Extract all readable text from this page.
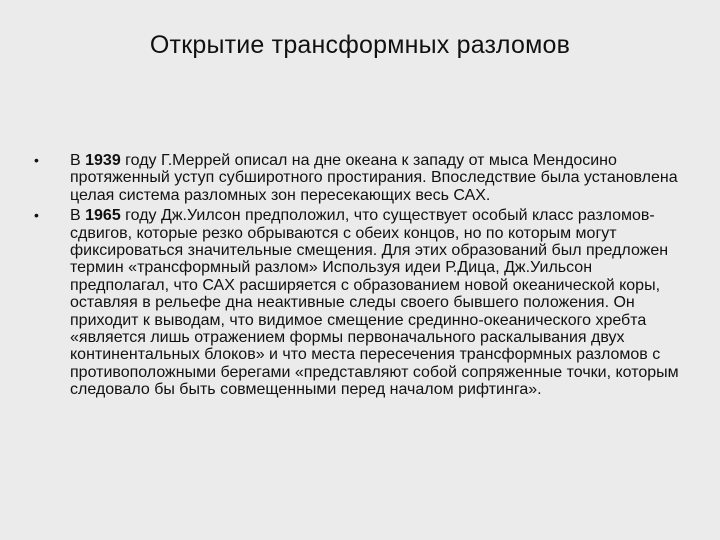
Открытие трансформных разломов
• В 1939 году Г.Меррей описал на дне океана к западу от мыса Мендосино протяженный уступ субширотного простирания. Впоследствие была установлена целая система разломных зон пересекающих весь САХ.
• В 1965 году Дж.Уилсон предположил, что существует особый класс разломов-сдвигов, которые резко обрываются с обеих концов, но по которым могут фиксироваться значительные смещения. Для этих образований был предложен термин «трансформный разлом» Используя идеи Р.Дица, Дж.Уильсон предполагал, что САХ расширяется с образованием новой океанической коры, оставляя в рельефе дна неактивные следы своего бывшего положения. Он приходит к выводам, что видимое смещение срединно-океанического хребта «является лишь отражением формы первоначального раскалывания двух континентальных блоков» и что места пересечения трансформных разломов с противоположными берегами «представляют собой сопряженные точки, которым следовало бы быть совмещенными перед началом рифтинга».
